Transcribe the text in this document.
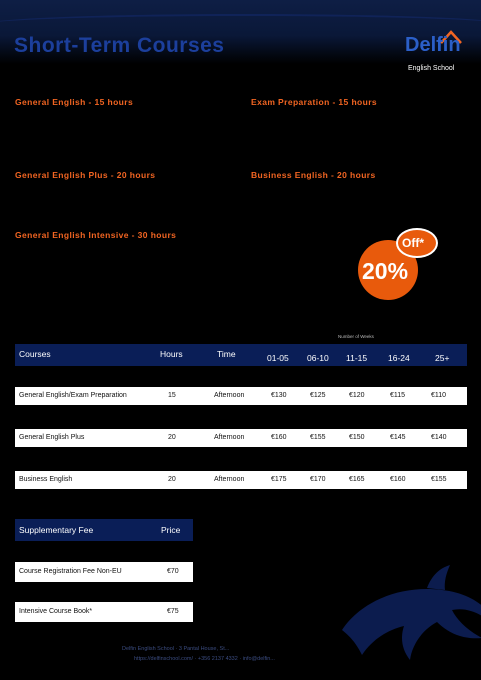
Short-Term Courses	Delfin
English School
General English - 15 hours	Exam Preparation - 15 hours
General English Plus - 20 hours	Business English - 20 hours
General English Intensive - 30 hours
Off*
20%
Number of Weeks
Courses	Hours	Time	01-05 06-10 11-15 16-24	25+
General English/Exam Preparation	15	Afternoon	€130	€125	€120	€115	€110
General English Plus	20	Afternoon	€160	€155	€150	€145	€140
Business English	20	Afternoon	€175	€170	€165	€160	€155
Supplementary Fee	Price
Course Registration Fee Non-EU	€70
Intensive Course Book*	€75
Delfin English School · 3 Pantal House, St...
https://delfinschool.com/ · +356 2137 4332 · info@delfin...
